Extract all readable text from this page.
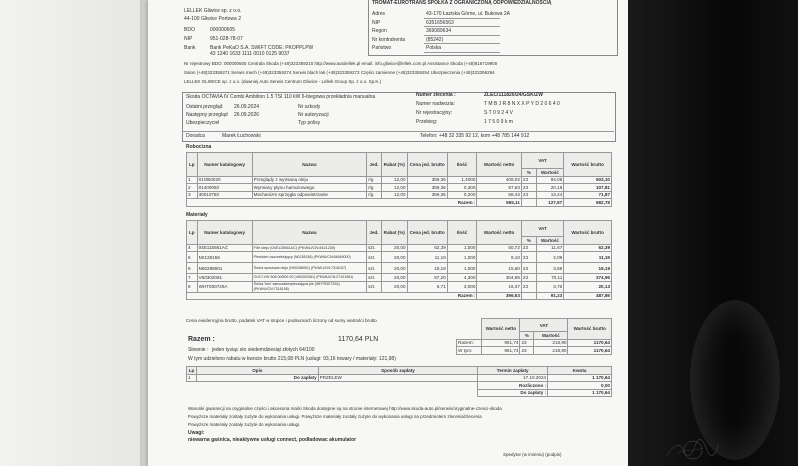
LELLEK Gliwice sp. z o.o.
44-100 Gliwice Portowa 2
BDO	000000605
NIP	951-028-78-07
Bank	Bank PeKaO S.A. SWIFT CODE: PKOPPLPW
43 1240 1633 1111 0010 0125 9037
TROMAT-EUROTRANS SPÓŁKA Z OGRANICZONĄ ODPOWIEDZIALNOŚCIĄ
Adres	43-170 Łaziska Górne, ul. Bukowa 2A
NIP	6351656563
Regon	369089634
Nr kontrahenta	(85242)
Państwo	Polska
Nr rejestrowy BDO: 000000605 Centrala Skoda (+48)323359210 http://www.autolellek.pl email: info.gliwice@lellek.com.pl Assistance Skoda (+48)616719900
Salon (+48)323359271 Serwis mech (+48)323359274 Serwis blach lak (+48)323359273 Części zamienne (+48)323359254 Ubezpieczenia (+48)323359294
LELLEK GLIWICE sp. z o.o. (dawniej Auto Serwis Centrum Gliwice - Lellek Group Sp. z o.o. Sp.K.)
Skoda OCTAVIA IV Combi Ambition 1.5 TSI 110 kW 6-biegowa przekładnia manualna
Ostatni przegląd 26.09.2024
Następny przegląd 26.09.2026
Ubezpieczyciel
Nr szkody
Nr autoryzacji
Typ polisy
Numer zlecenia :	ZLEC/111820/24/GSK/ZW
Numer nadwozia:	T M B J R 8 N X X P Y D 2 0 6 4 0
Nr rejestracyjny:	S T 0 9 2 4 V
Przebieg:	1 7 5 0 9 k m
Doradca	Marek Łuchowski	Telefon: +48 32 335 92 12, kom +48 785 144 912
Robocizna
Lp	Numer katalogowy	Nazwa	Jed.	Rabat (%)	Cena jed. brutto	Ilość	Wartość netto	VAT		Wartość brutto
								%	Wartość	
1	01OB0020	Przeglądy z wymianą oleju	r/g	12,00	359,36	1,4000	409,02	23	94,08	503,10
2	01400050	Wymiany płynu hamulcowego	r/g	12,00	359,36	0,300	87,63	23	20,16	107,81
3	30010750	Mechanizm sprzęgła odpowietrzanie	r/g	12,00	359,36	0,200	58,43	23	13,44	71,87
Razem :							555,11		127,67	682,78
Materiały
Lp	Numer katalogowy	Nazwa	Jed.	Rabat (%)	Cena jed. brutto	Ilość	Wartość netto	VAT		Wartość brutto
								%	Wartość	
4	04E115561AC	Filtr oleju (04E115561AC) (PKWiU/CN:8421230)	szt.	20,00	62,39	1,000	50,72	23	11,67	62,39
5	N0138158	Pierścień uszczelniający (N0138158) (PKWiU/CN:84849000)	szt.	20,00	11,19	1,000	9,10	23	2,09	11,19
6	N90288901	Śruba spustowa oleju (N90288901) (PKWiU/CN:7318157)	szt.	20,00	19,19	1,000	15,60	23	3,59	19,19
7	V60302081	OLEJ VW 508 00/509 00 (V60302081) (PKWiU/CN:27101981)	szt.	20,00	87,20	4,300	304,85	23	70,11	374,96
8	WHT000729A	Śruba 'torx' samozabezpieczająca pie (WHT000729A) (PKWiU/CN:7318158)	szt.	20,00	6,71	3,000	16,37	23	3,76	20,13
Razem :							396,63		91,23	487,86
Cena ewidencyjna brutto, podatek VAT w stopce i podsumach liczony od sumy wartości brutto
	Wartość netto	VAT		Wartość brutto
		%	Wartość	
Razem:	951,74	23	218,90	1170,64
W tym:	951,74	23	218,90	1170,64
Razem :	1170,64 PLN
Słownie : jeden tysiąc sto siedemdziesiąt złotych 64/100
W tym udzielono rabatu w kwocie brutto 215,08 PLN (usługi: 93,16 towary / materiały: 121,98)
Lp	Opis	Sposób zapłaty	Termin zapłaty	Kwota
1	Do zapłaty	PRZELEW	17.10.2024	1 170,64
			Rozliczono :	0,00
			Do zapłaty :	1 170,64
Warunki gwarancji na oryginalne części i akcesoria marki Skoda dostępne są na stronie internetowej http://www.skoda-auto.pl/serwis/oryginalne-czesci-skoda
Powyższe materiały zostały zużyte do wykonania usługi. Powyższe materiały zostały zużyte do wykonania usługi na przedmiotem zlecenia/zlecenia
Powyższe materiały zostały zużyte do wykonania usługi.
Uwagi:
niewarna gaśnica, nieaktywne usługi connect, podładowac akumulator
Spedytor (w imieniu) (podpis)
